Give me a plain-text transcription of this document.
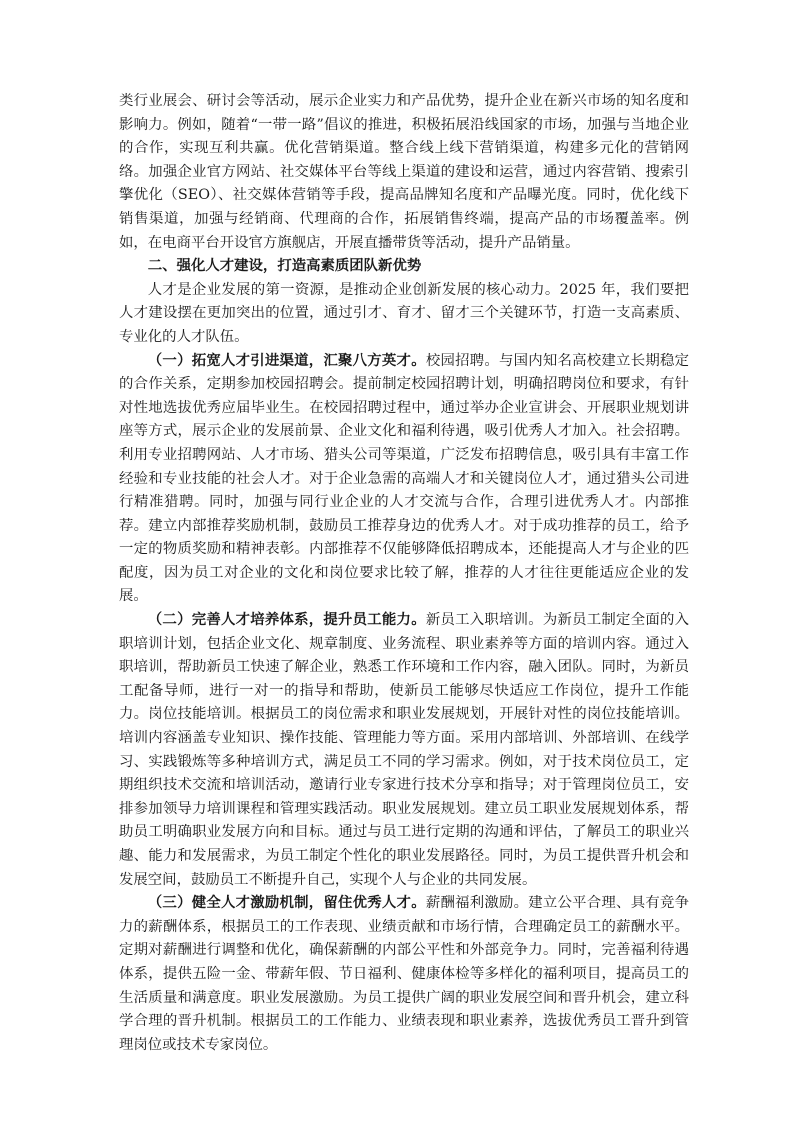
类行业展会、研讨会等活动，展示企业实力和产品优势，提升企业在新兴市场的知名度和影响力。例如，随着“一带一路”倡议的推进，积极拓展沿线国家的市场，加强与当地企业的合作，实现互利共赢。优化营销渠道。整合线上线下营销渠道，构建多元化的营销网络。加强企业官方网站、社交媒体平台等线上渠道的建设和运营，通过内容营销、搜索引擎优化（SEO）、社交媒体营销等手段，提高品牌知名度和产品曝光度。同时，优化线下销售渠道，加强与经销商、代理商的合作，拓展销售终端，提高产品的市场覆盖率。例如，在电商平台开设官方旗舰店，开展直播带货等活动，提升产品销量。

二、强化人才建设，打造高素质团队新优势

人才是企业发展的第一资源，是推动企业创新发展的核心动力。2025 年，我们要把人才建设摆在更加突出的位置，通过引才、育才、留才三个关键环节，打造一支高素质、专业化的人才队伍。

（一）拓宽人才引进渠道，汇聚八方英才。校园招聘。与国内知名高校建立长期稳定的合作关系，定期参加校园招聘会。提前制定校园招聘计划，明确招聘岗位和要求，有针对性地选拔优秀应届毕业生。在校园招聘过程中，通过举办企业宣讲会、开展职业规划讲座等方式，展示企业的发展前景、企业文化和福利待遇，吸引优秀人才加入。社会招聘。利用专业招聘网站、人才市场、猎头公司等渠道，广泛发布招聘信息，吸引具有丰富工作经验和专业技能的社会人才。对于企业急需的高端人才和关键岗位人才，通过猎头公司进行精准猎聘。同时，加强与同行业企业的人才交流与合作，合理引进优秀人才。内部推荐。建立内部推荐奖励机制，鼓励员工推荐身边的优秀人才。对于成功推荐的员工，给予一定的物质奖励和精神表彰。内部推荐不仅能够降低招聘成本，还能提高人才与企业的匹配度，因为员工对企业的文化和岗位要求比较了解，推荐的人才往往更能适应企业的发展。

（二）完善人才培养体系，提升员工能力。新员工入职培训。为新员工制定全面的入职培训计划，包括企业文化、规章制度、业务流程、职业素养等方面的培训内容。通过入职培训，帮助新员工快速了解企业，熟悉工作环境和工作内容，融入团队。同时，为新员工配备导师，进行一对一的指导和帮助，使新员工能够尽快适应工作岗位，提升工作能力。岗位技能培训。根据员工的岗位需求和职业发展规划，开展针对性的岗位技能培训。培训内容涵盖专业知识、操作技能、管理能力等方面。采用内部培训、外部培训、在线学习、实践锻炼等多种培训方式，满足员工不同的学习需求。例如，对于技术岗位员工，定期组织技术交流和培训活动，邀请行业专家进行技术分享和指导；对于管理岗位员工，安排参加领导力培训课程和管理实践活动。职业发展规划。建立员工职业发展规划体系，帮助员工明确职业发展方向和目标。通过与员工进行定期的沟通和评估，了解员工的职业兴趣、能力和发展需求，为员工制定个性化的职业发展路径。同时，为员工提供晋升机会和发展空间，鼓励员工不断提升自己，实现个人与企业的共同发展。

（三）健全人才激励机制，留住优秀人才。薪酬福利激励。建立公平合理、具有竞争力的薪酬体系，根据员工的工作表现、业绩贡献和市场行情，合理确定员工的薪酬水平。定期对薪酬进行调整和优化，确保薪酬的内部公平性和外部竞争力。同时，完善福利待遇体系，提供五险一金、带薪年假、节日福利、健康体检等多样化的福利项目，提高员工的生活质量和满意度。职业发展激励。为员工提供广阔的职业发展空间和晋升机会，建立科学合理的晋升机制。根据员工的工作能力、业绩表现和职业素养，选拔优秀员工晋升到管理岗位或技术专家岗位。
